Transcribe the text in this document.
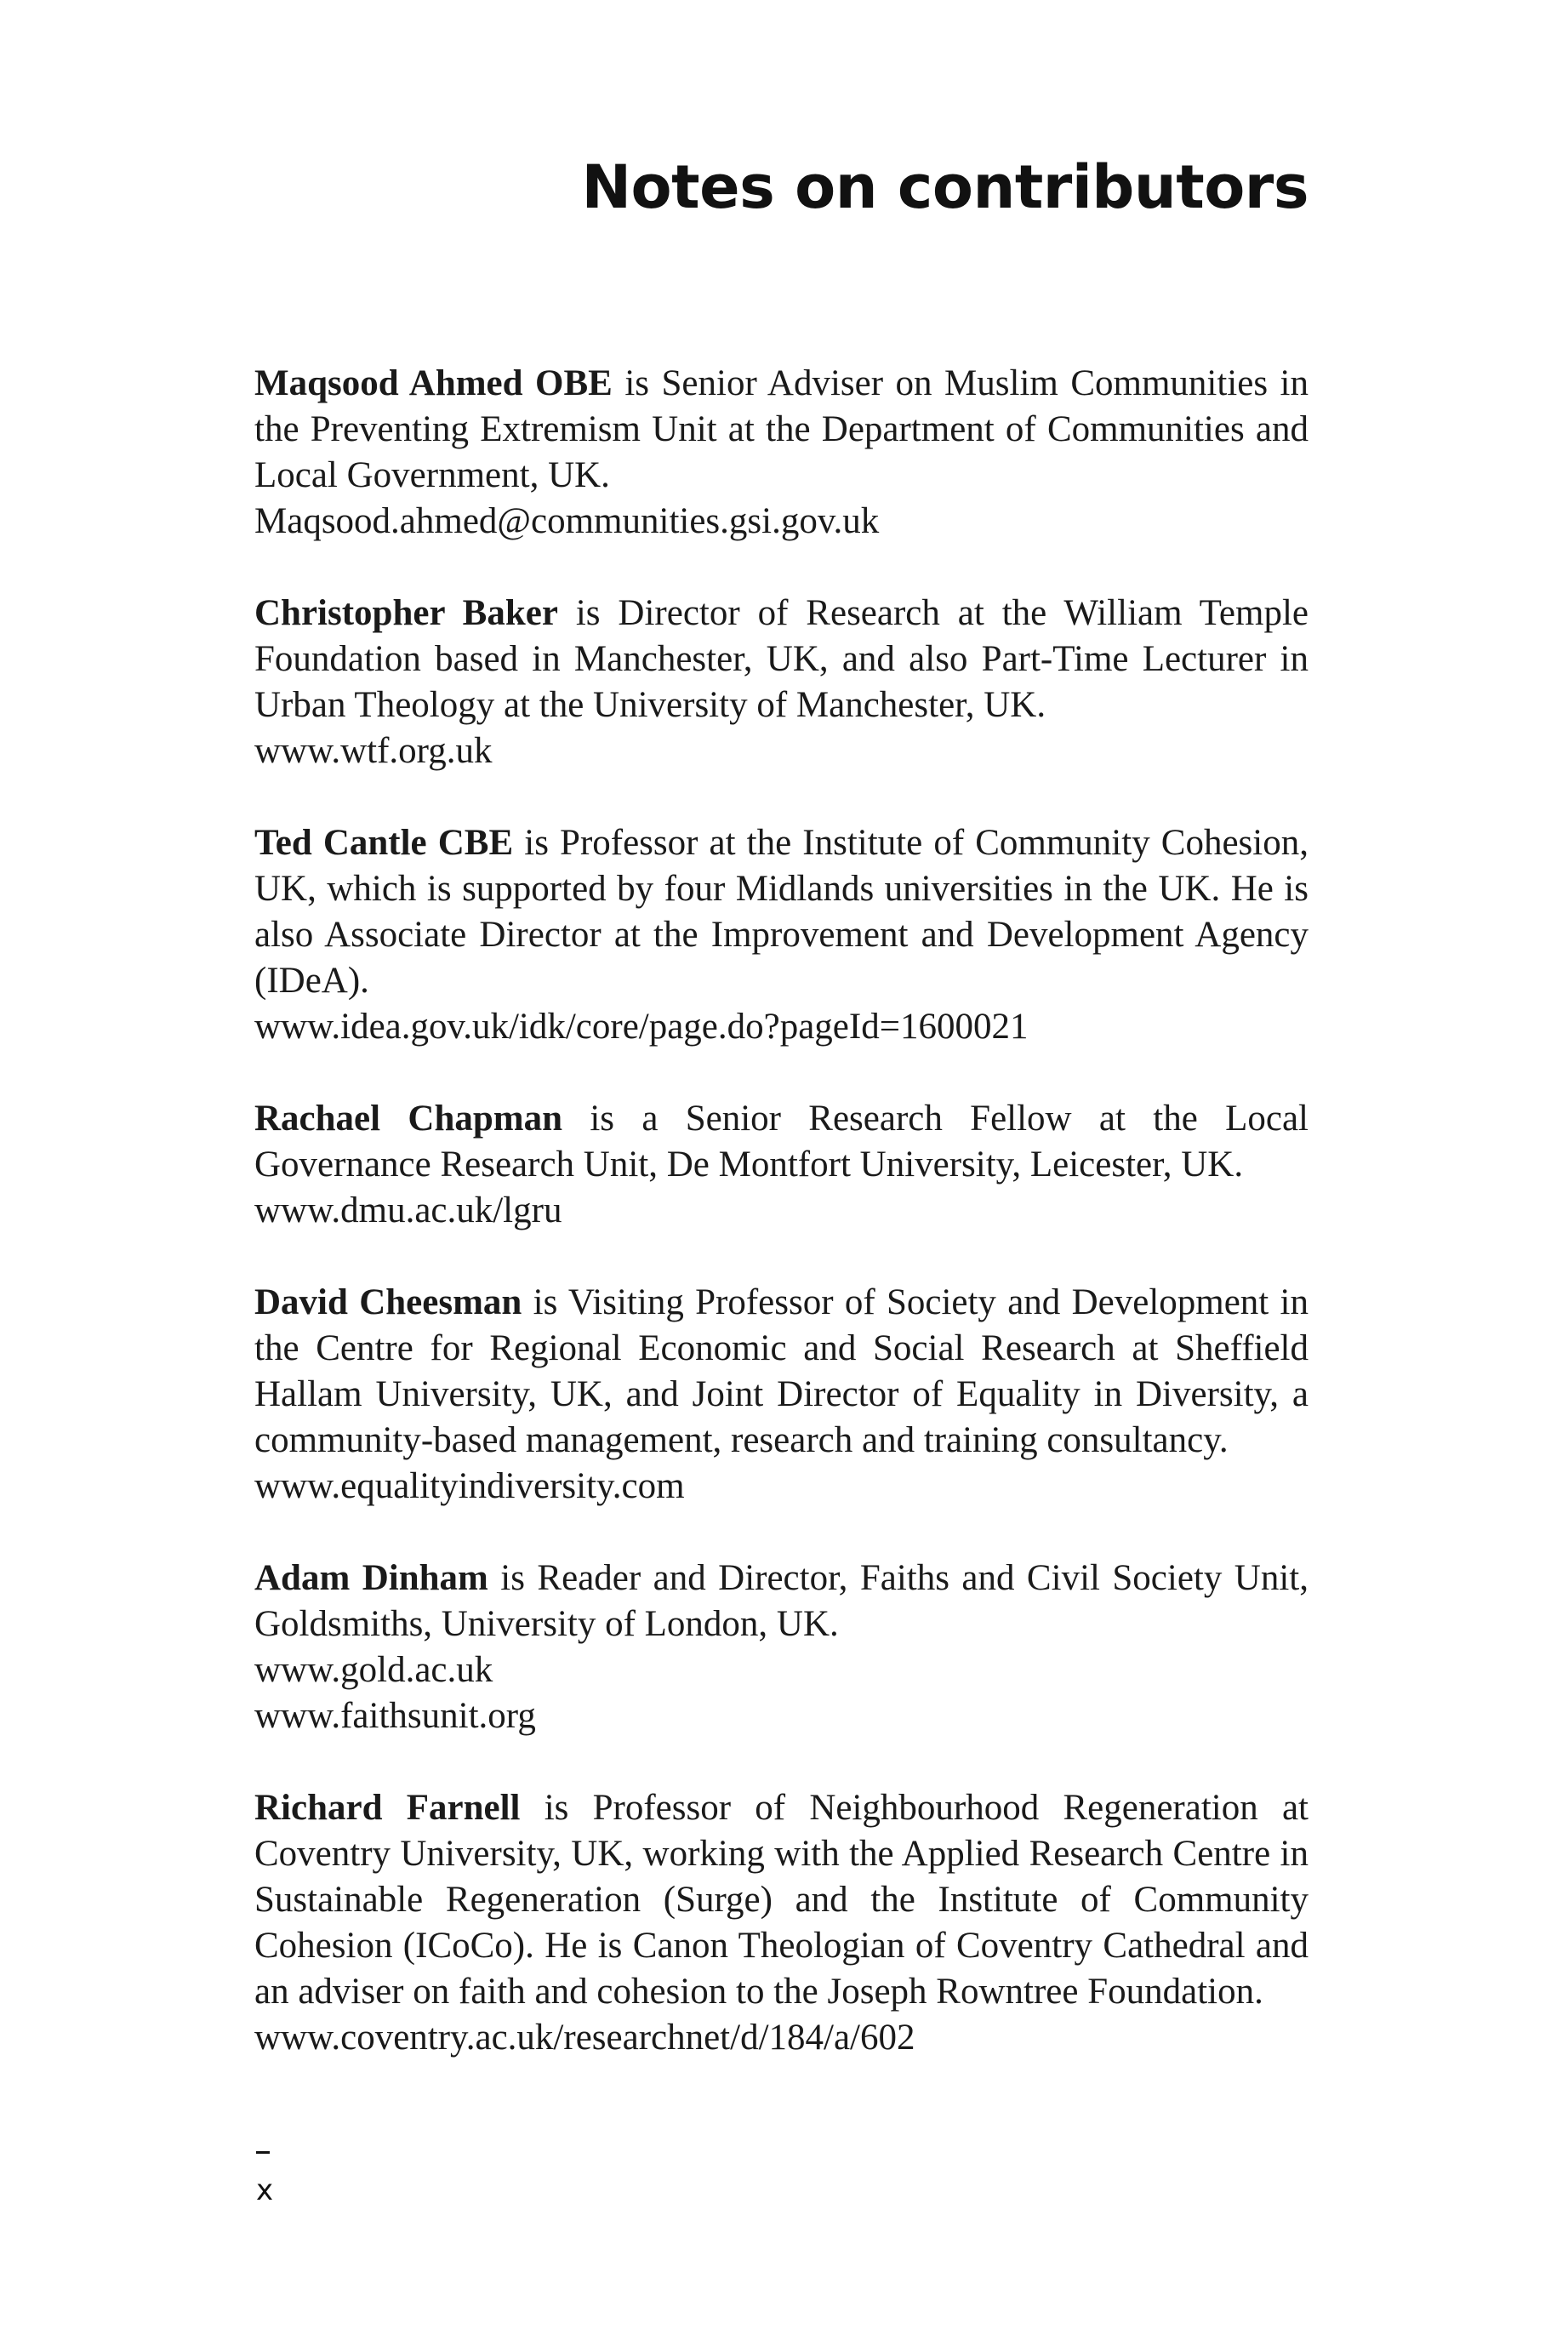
Notes on contributors

Maqsood Ahmed OBE is Senior Adviser on Muslim Communities in the Preventing Extremism Unit at the Department of Communities and Local Government, UK.

Maqsood.ahmed@communities.gsi.gov.uk

Christopher Baker is Director of Research at the William Temple Foundation based in Manchester, UK, and also Part-Time Lecturer in Urban Theology at the University of Manchester, UK.

www.wtf.org.uk

Ted Cantle CBE is Professor at the Institute of Community Cohesion, UK, which is supported by four Midlands universities in the UK. He is also Associate Director at the Improvement and Development Agency (IDeA).

www.idea.gov.uk/idk/core/page.do?pageId=1600021

Rachael Chapman is a Senior Research Fellow at the Local Governance Research Unit, De Montfort University, Leicester, UK.

www.dmu.ac.uk/lgru

David Cheesman is Visiting Professor of Society and Development in the Centre for Regional Economic and Social Research at Sheffield Hallam University, UK, and Joint Director of Equality in Diversity, a community-based management, research and training consultancy.

www.equalityindiversity.com

Adam Dinham is Reader and Director, Faiths and Civil Society Unit, Goldsmiths, University of London, UK.

www.gold.ac.uk
www.faithsunit.org

Richard Farnell is Professor of Neighbourhood Regeneration at Coventry University, UK, working with the Applied Research Centre in Sustainable Regeneration (Surge) and the Institute of Community Cohesion (ICoCo). He is Canon Theologian of Coventry Cathedral and an adviser on faith and cohesion to the Joseph Rowntree Foundation.

www.coventry.ac.uk/researchnet/d/184/a/602
x
